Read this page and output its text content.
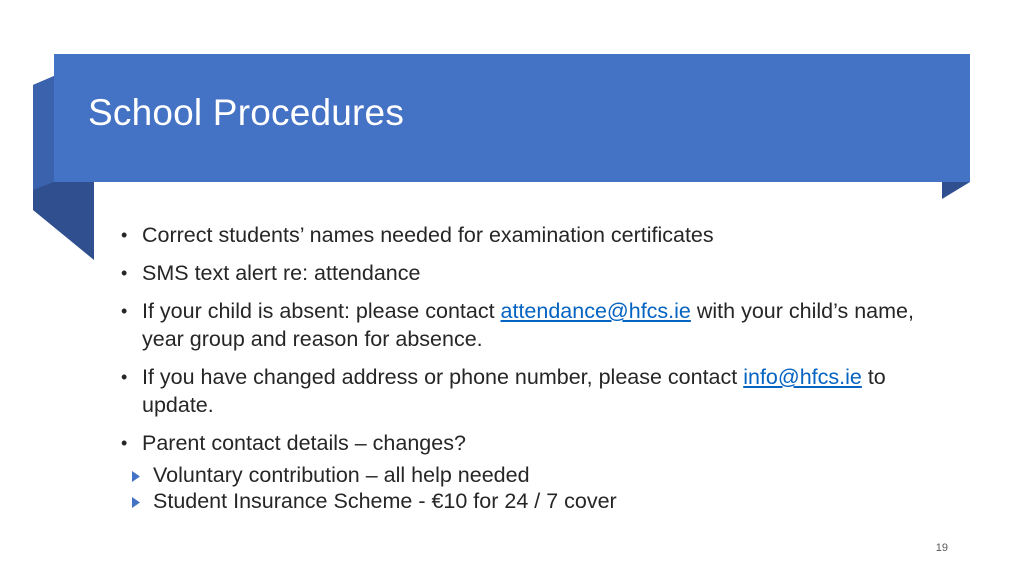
School Procedures
• Correct students’ names needed for examination certificates
• SMS text alert re: attendance
• If your child is absent: please contact attendance@hfcs.ie with your child’s name, year group and reason for absence.
• If you have changed address or phone number, please contact info@hfcs.ie to update.
• Parent contact details – changes?
Voluntary contribution – all help needed
Student Insurance Scheme - €10 for 24 / 7 cover
19
